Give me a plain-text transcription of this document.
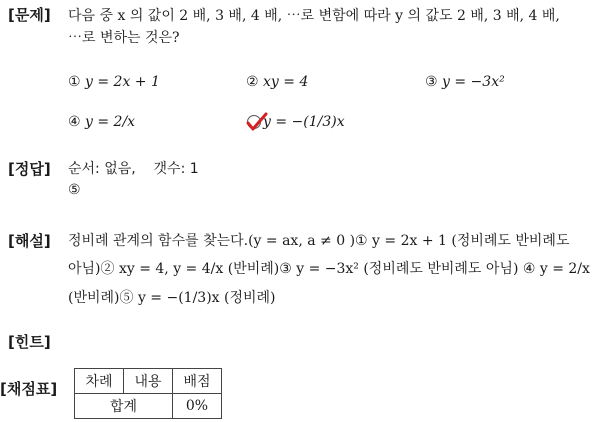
[문제]
[정답]
[해설]
[힌트]
[채점표]
다음 중 x 의 값이 2 배, 3 배, 4 배, ⋯로 변함에 따라 y 의 값도 2 배, 3 배, 4 배,
⋯로 변하는 것은?
① y = 2x + 1	② xy = 4	③ y = −3x²
④ y = 2/x	y = −(1/3)x
순서: 없음, 갯수: 1
⑤
정비례 관계의 함수를 찾는다.(y = ax, a ≠ 0 )① y = 2x + 1 (정비례도 반비례도
아님)② xy = 4, y = 4/x (반비례)③ y = −3x² (정비례도 반비례도 아님) ④ y = 2/x
(반비례)⑤ y = −(1/3)x (정비례)
차례	내용	배점
합계		0%
